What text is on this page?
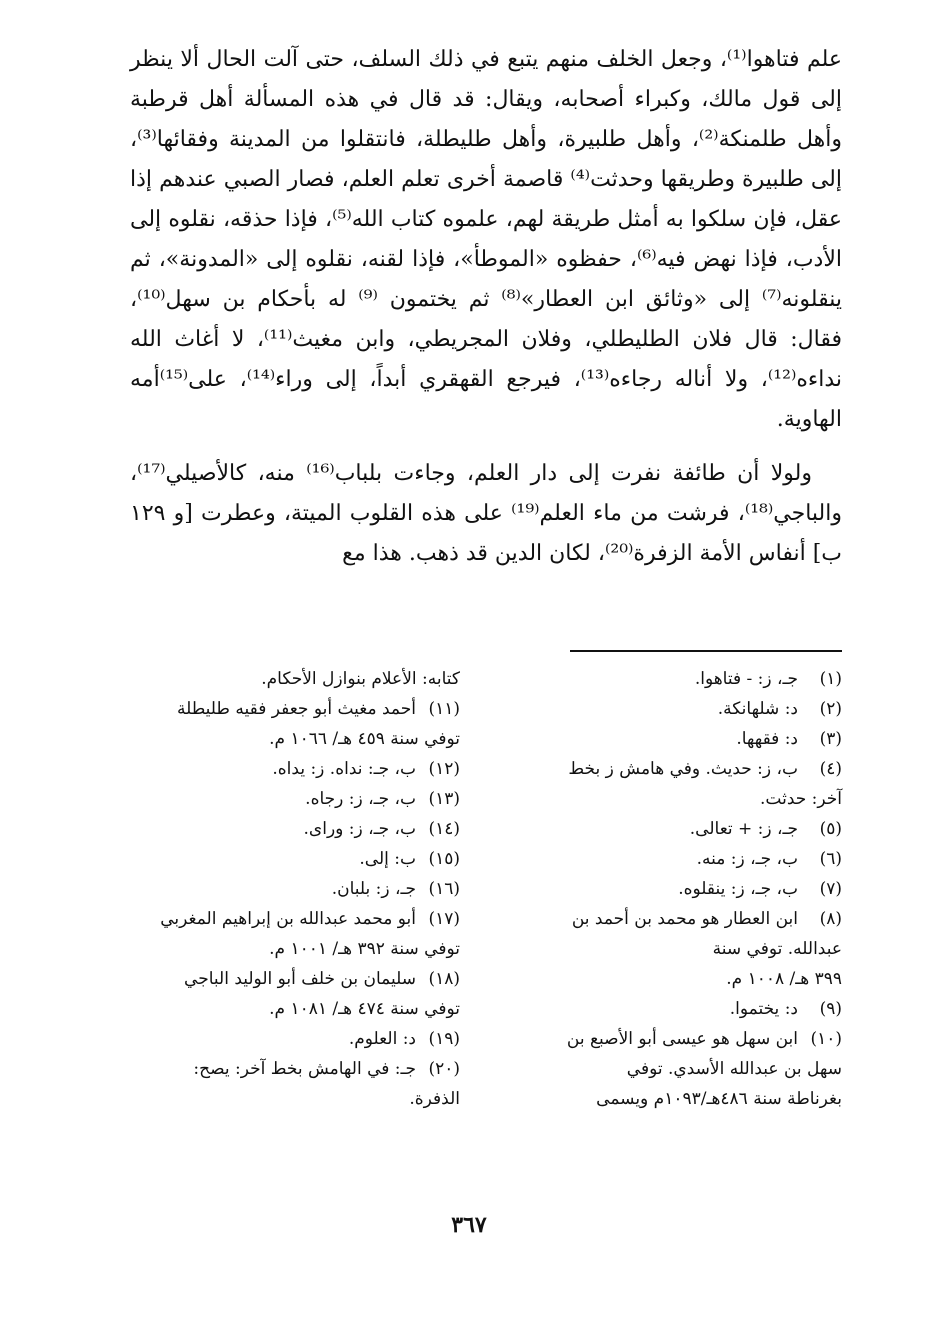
علم فتاهوا⁽¹⁾، وجعل الخلف منهم يتبع في ذلك السلف، حتى آلت الحال ألا ينظر إلى قول مالك، وكبراء أصحابه، ويقال: قد قال في هذه المسألة أهل قرطبة وأهل طلمنكة⁽²⁾، وأهل طلبيرة، وأهل طليطلة، فانتقلوا من المدينة وفقائها⁽³⁾، إلى طلبيرة وطريقها وحدثت⁽⁴⁾ قاصمة أخرى تعلم العلم، فصار الصبي عندهم إذا عقل، فإن سلكوا به أمثل طريقة لهم، علموه كتاب الله⁽⁵⁾، فإذا حذقه، نقلوه إلى الأدب، فإذا نهض فيه⁽⁶⁾، حفظوه «الموطأ»، فإذا لقنه، نقلوه إلى «المدونة»، ثم ينقلونه⁽⁷⁾ إلى «وثائق ابن العطار»⁽⁸⁾ ثم يختمون ⁽⁹⁾ له بأحكام بن سهل⁽¹⁰⁾، فقال: قال فلان الطليطلي، وفلان المجريطي، وابن مغيث⁽¹¹⁾، لا أغاث الله نداءه⁽¹²⁾، ولا أناله رجاءه⁽¹³⁾، فيرجع القهقري أبداً، إلى وراء⁽¹⁴⁾، على⁽¹⁵⁾أمه الهاوية.

ولولا أن طائفة نفرت إلى دار العلم، وجاءت بلباب⁽¹⁶⁾ منه، كالأصيلي⁽¹⁷⁾، والباجي⁽¹⁸⁾، فرشت من ماء العلم⁽¹⁹⁾ على هذه القلوب الميتة، وعطرت [و ١٢٩ ب] أنفاس الأمة الزفرة⁽²⁰⁾، لكان الدين قد ذهب. هذا مع

(١)
جـ، ز: - فتاهوا.
(٢)
د: شلهانكة.
(٣)
د: فقهها.
(٤)
ب، ز: حديث. وفي هامش ز بخط
آخر: حدثت.
(٥)
جـ، ز: + تعالى.
(٦)
ب، جـ، ز: منه.
(٧)
ب، جـ، ز: ينقلوه.
(٨)
ابن العطار هو محمد بن أحمد بن
عبدالله. توفي سنة
٣٩٩ هـ/ ١٠٠٨ م.
(٩)
د: يختموا.
(١٠)
ابن سهل هو عيسى أبو الأصبع بن
سهل بن عبدالله الأسدي. توفي
بغرناطة سنة ٤٨٦هـ/١٠٩٣م ويسمى
كتابه: الأعلام بنوازل الأحكام.
(١١)
أحمد مغيث أبو جعفر فقيه طليطلة
توفي سنة ٤٥٩ هـ/ ١٠٦٦ م.
(١٢)
ب، جـ: نداه. ز: يداه.
(١٣)
ب، جـ، ز: رجاه.
(١٤)
ب، جـ، ز: وراى.
(١٥)
ب: إلى.
(١٦)
جـ، ز: بلبان.
(١٧)
أبو محمد عبدالله بن إبراهيم المغربي
توفي سنة ٣٩٢ هـ/ ١٠٠١ م.
(١٨)
سليمان بن خلف أبو الوليد الباجي
توفي سنة ٤٧٤ هـ/ ١٠٨١ م.
(١٩)
د: العلوم.
(٢٠)
جـ: في الهامش بخط آخر: يصح:
الذفرة.
٣٦٧
